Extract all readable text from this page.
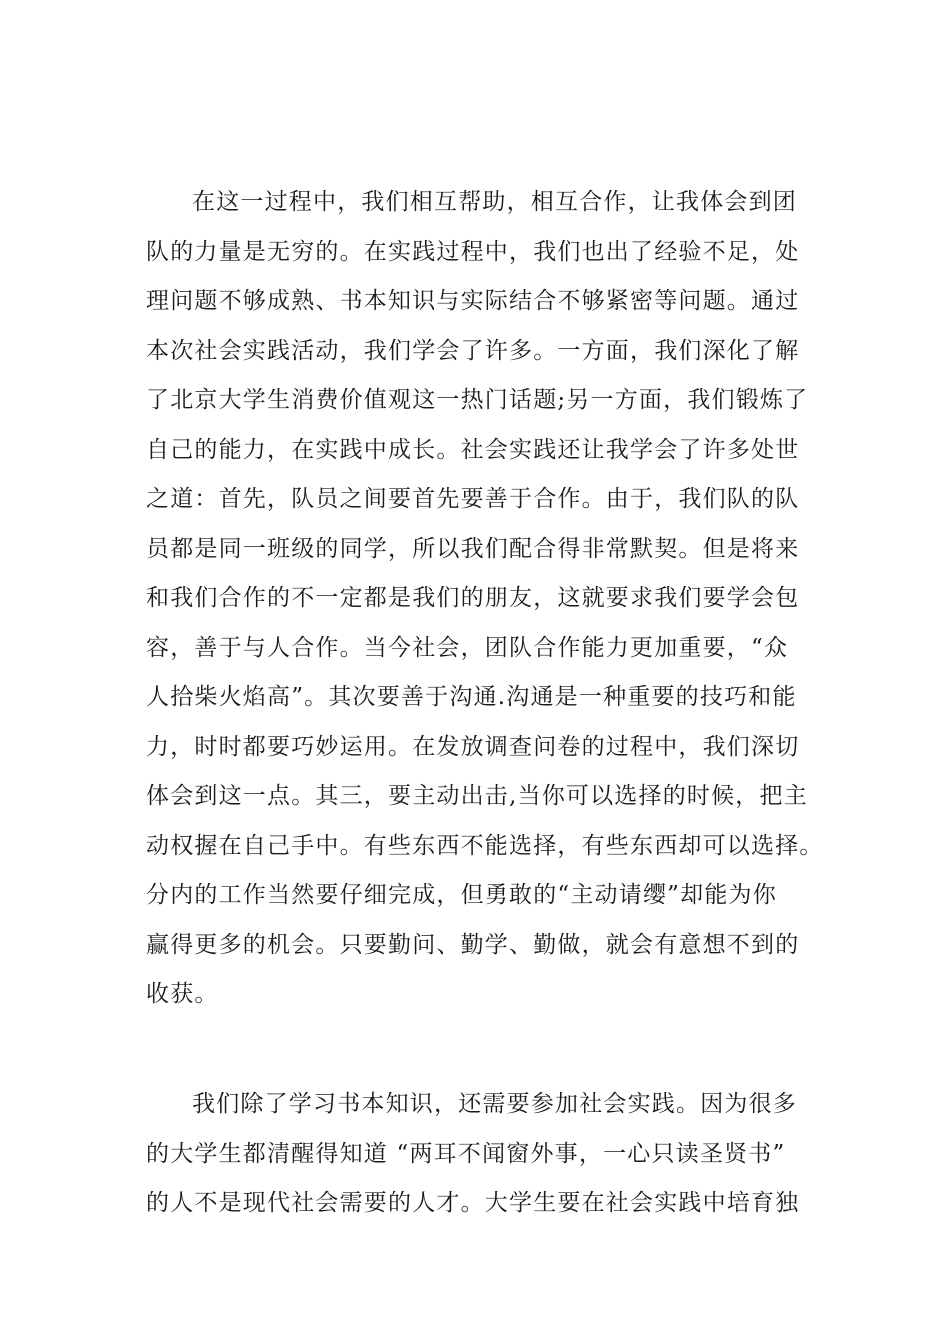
在这一过程中，我们相互帮助，相互合作，让我体会到团
队的力量是无穷的。在实践过程中，我们也出了经验不足，处
理问题不够成熟、书本知识与实际结合不够紧密等问题。通过
本次社会实践活动，我们学会了许多。一方面，我们深化了解
了北京大学生消费价值观这一热门话题;另一方面，我们锻炼了
自己的能力，在实践中成长。社会实践还让我学会了许多处世
之道：首先，队员之间要首先要善于合作。由于，我们队的队
员都是同一班级的同学，所以我们配合得非常默契。但是将来
和我们合作的不一定都是我们的朋友，这就要求我们要学会包
容，善于与人合作。当今社会，团队合作能力更加重要，“众
人拾柴火焰高”。其次要善于沟通.沟通是一种重要的技巧和能
力，时时都要巧妙运用。在发放调查问卷的过程中，我们深切
体会到这一点。其三，要主动出击,当你可以选择的时候，把主
动权握在自己手中。有些东西不能选择，有些东西却可以选择。
分内的工作当然要仔细完成，但勇敢的“主动请缨”却能为你
赢得更多的机会。只要勤问、勤学、勤做，就会有意想不到的
收获。
我们除了学习书本知识，还需要参加社会实践。因为很多
的大学生都清醒得知道 “两耳不闻窗外事，一心只读圣贤书”
的人不是现代社会需要的人才。大学生要在社会实践中培育独
